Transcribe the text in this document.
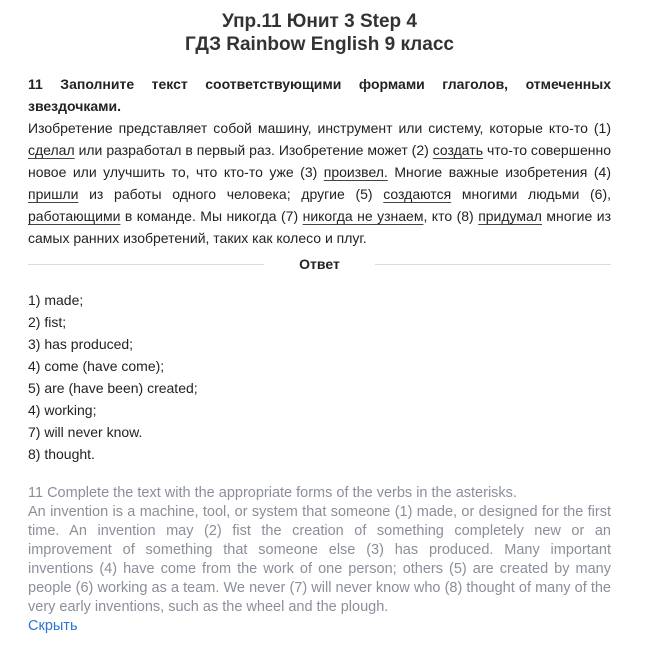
Упр.11 Юнит 3 Step 4
ГДЗ Rainbow English 9 класс
11 Заполните текст соответствующими формами глаголов, отмеченных
звездочками.
Изобретение представляет собой машину, инструмент или систему, которые кто-то (1) сделал или разработал в первый раз. Изобретение может (2) создать что-то совершенно новое или улучшить то, что кто-то уже (3) произвел. Многие важные изобретения (4) пришли из работы одного человека; другие (5) создаются многими людьми (6), работающими в команде. Мы никогда (7) никогда не узнаем, кто (8) придумал многие из самых ранних изобретений, таких как колесо и плуг.
Ответ
1) made;
2) fist;
3) has produced;
4) come (have come);
5) are (have been) created;
4) working;
7) will never know.
8) thought.
11 Complete the text with the appropriate forms of the verbs in the asterisks.
An invention is a machine, tool, or system that someone (1) made, or designed for the first time. An invention may (2) fist the creation of something completely new or an improvement of something that someone else (3) has produced. Many important inventions (4) have come from the work of one person; others (5) are created by many people (6) working as a team. We never (7) will never know who (8) thought of many of the very early inventions, such as the wheel and the plough.
Скрыть
